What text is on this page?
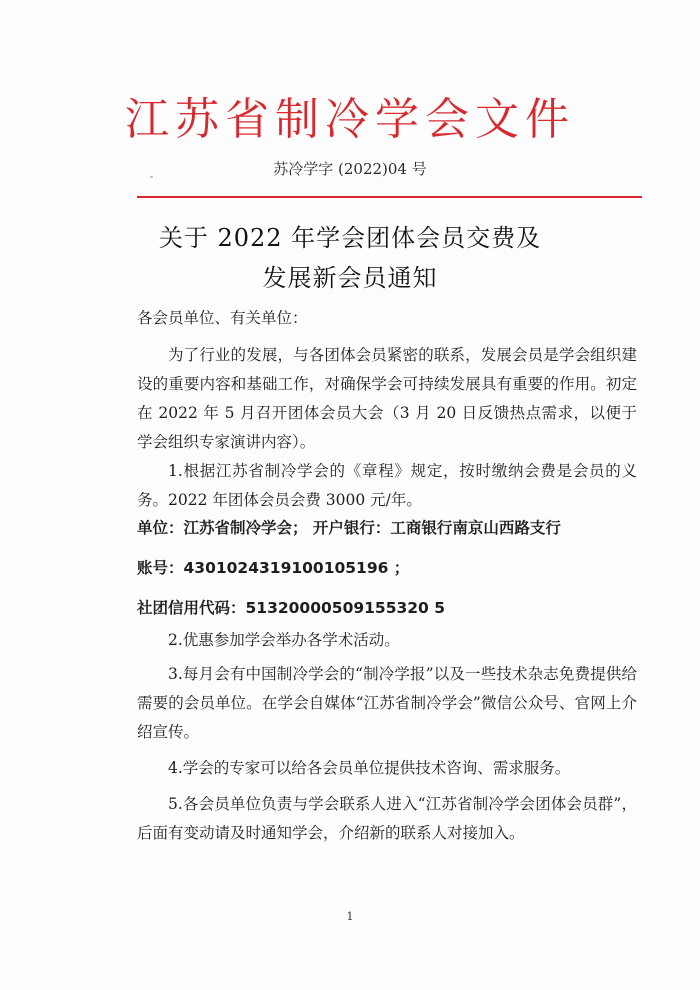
江苏省制冷学会文件
苏冷学字 (2022)04 号
关于 2022 年学会团体会员交费及
发展新会员通知
各会员单位、有关单位：
为了行业的发展，与各团体会员紧密的联系，发展会员是学会组织建设的重要内容和基础工作，对确保学会可持续发展具有重要的作用。初定在 2022 年 5 月召开团体会员大会（3 月 20 日反馈热点需求，以便于学会组织专家演讲内容）。
1.根据江苏省制冷学会的《章程》规定，按时缴纳会费是会员的义务。2022 年团体会员会费 3000 元/年。
单位：江苏省制冷学会； 开户银行：工商银行南京山西路支行
账号：4301024319100105196 ；
社团信用代码：51320000509155320 5
2.优惠参加学会举办各学术活动。
3.每月会有中国制冷学会的“制冷学报”以及一些技术杂志免费提供给需要的会员单位。在学会自媒体“江苏省制冷学会”微信公众号、官网上介绍宣传。
4.学会的专家可以给各会员单位提供技术咨询、需求服务。
5.各会员单位负责与学会联系人进入“江苏省制冷学会团体会员群”，后面有变动请及时通知学会，介绍新的联系人对接加入。
1
